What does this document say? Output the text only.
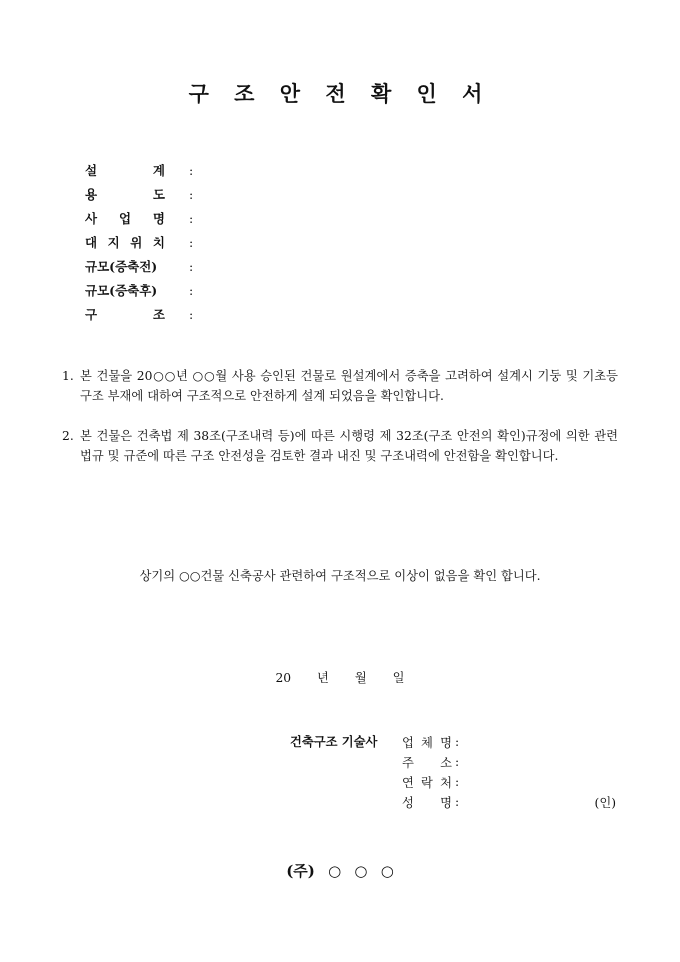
구 조 안 전 확 인 서
설	계 :
용	도 :
사 업 명 :
대 지 위 치 :
규모(증축전)	:
규모(증축후)	:
구	조 :
1. 본 건물을 20○○년 ○○월 사용 승인된 건물로 원설계에서 증축을 고려하여 설계시 기둥 및 기초등 구조 부재에 대하여 구조적으로 안전하게 설계 되었음을 확인합니다.
2. 본 건물은 건축법 제 38조(구조내력 등)에 따른 시행령 제 32조(구조 안전의 확인)규정에 의한 관련법규 및 규준에 따른 구조 안전성을 검토한 결과 내진 및 구조내력에 안전함을 확인합니다.
상기의 ○○건물 신축공사 관련하여 구조적으로 이상이 없음을 확인 합니다.
20 년 월 일
건축구조 기술사 업 체 명 :
주 소 :
연 락 처 :
성 명 :	(인)
(주) ○ ○ ○
